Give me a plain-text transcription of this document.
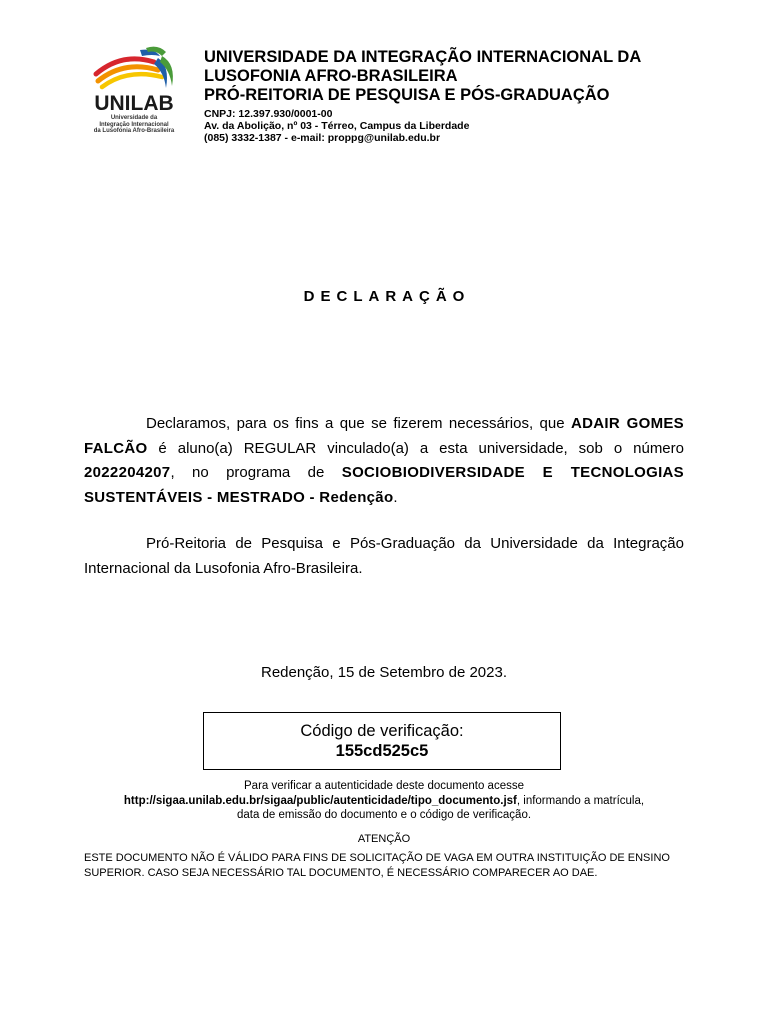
UNILAB
Universidade da
Integração Internacional
da Lusofonia Afro-Brasileira
UNIVERSIDADE DA INTEGRAÇÃO INTERNACIONAL DA
LUSOFONIA AFRO-BRASILEIRA
PRÓ-REITORIA DE PESQUISA E PÓS-GRADUAÇÃO
CNPJ: 12.397.930/0001-00
Av. da Abolição, nº 03 - Térreo, Campus da Liberdade
(085) 3332-1387 - e-mail: proppg@unilab.edu.br
DECLARAÇÃO

Declaramos, para os fins a que se fizerem necessários, que ADAIR GOMES FALCÃO é aluno(a) REGULAR vinculado(a) a esta universidade, sob o número 2022204207, no programa de SOCIOBIODIVERSIDADE E TECNOLOGIAS SUSTENTÁVEIS - MESTRADO - Redenção.

Pró-Reitoria de Pesquisa e Pós-Graduação da Universidade da Integração Internacional da Lusofonia Afro-Brasileira.

Redenção, 15 de Setembro de 2023.
Código de verificação:
155cd525c5
Para verificar a autenticidade deste documento acesse
http://sigaa.unilab.edu.br/sigaa/public/autenticidade/tipo_documento.jsf, informando a matrícula,
data de emissão do documento e o código de verificação.
ATENÇÃO
ESTE DOCUMENTO NÃO É VÁLIDO PARA FINS DE SOLICITAÇÃO DE VAGA EM OUTRA INSTITUIÇÃO DE ENSINO SUPERIOR. CASO SEJA NECESSÁRIO TAL DOCUMENTO, É NECESSÁRIO COMPARECER AO DAE.
